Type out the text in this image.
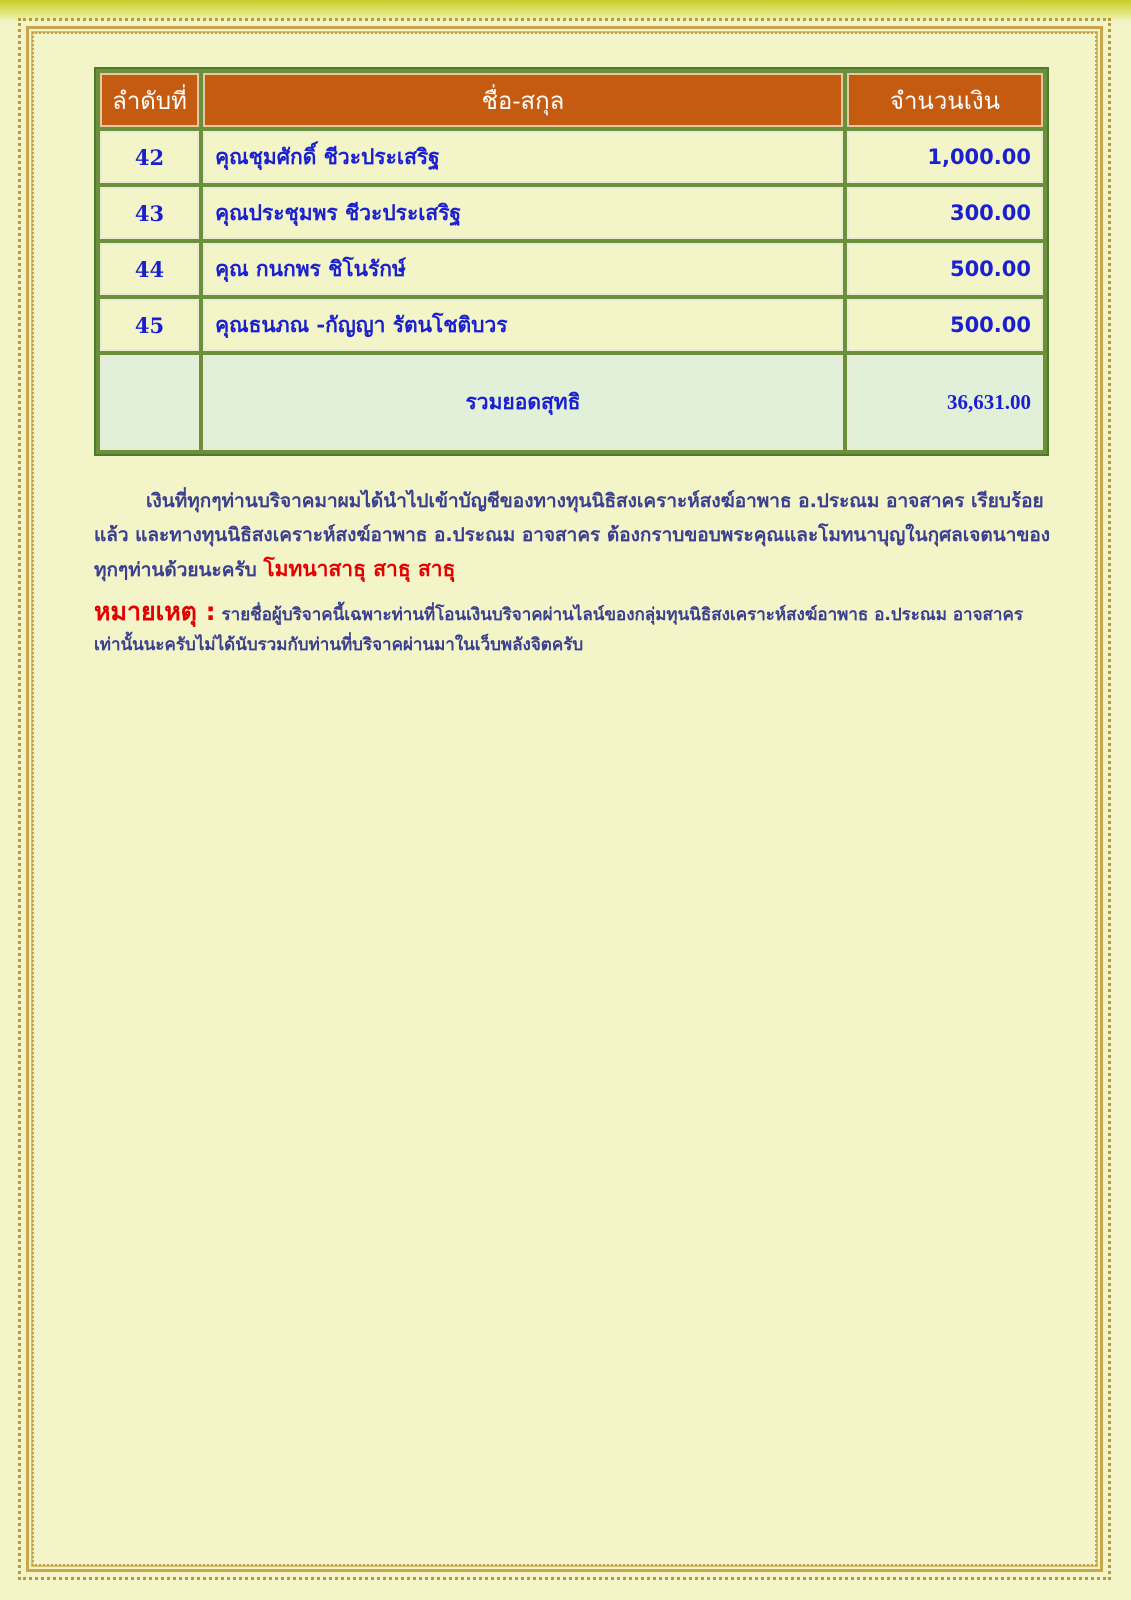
ลำดับที่	ชื่อ-สกุล	จำนวนเงิน
42	คุณชุมศักดิ์ ชีวะประเสริฐ	1,000.00
43	คุณประชุมพร ชีวะประเสริฐ	300.00
44	คุณ กนกพร ชิโนรักษ์	500.00
45	คุณธนภณ -กัญญา รัตนโชติบวร	500.00
	รวมยอดสุทธิ	36,631.00

เงินที่ทุกๆท่านบริจาคมาผมได้นำไปเข้าบัญชีของทางทุนนิธิสงเคราะห์สงฆ์อาพาธ อ.ประณม อาจสาคร เรียบร้อยแล้ว และทางทุนนิธิสงเคราะห์สงฆ์อาพาธ อ.ประณม อาจสาคร ต้องกราบขอบพระคุณและโมทนาบุญในกุศลเจตนาของทุกๆท่านด้วยนะครับ โมทนาสาธุ สาธุ สาธุ

หมายเหตุ : รายชื่อผู้บริจาคนี้เฉพาะท่านที่โอนเงินบริจาคผ่านไลน์ของกลุ่มทุนนิธิสงเคราะห์สงฆ์อาพาธ อ.ประณม อาจสาคร เท่านั้นนะครับไม่ได้นับรวมกับท่านที่บริจาคผ่านมาในเว็บพลังจิตครับ
